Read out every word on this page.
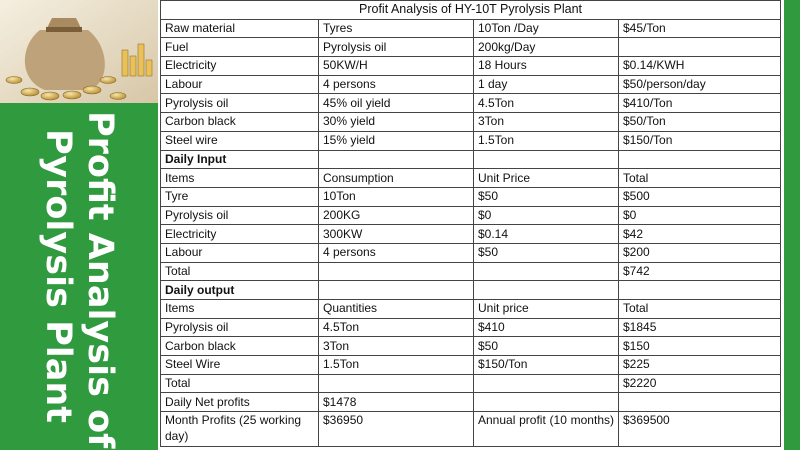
Profit Analysis of
Pyrolysis Plant
Profit Analysis of HY-10T Pyrolysis Plant			
Raw material	Tyres	10Ton /Day	$45/Ton
Fuel	Pyrolysis oil	200kg/Day	
Electricity	50KW/H	18 Hours	$0.14/KWH
Labour	4 persons	1 day	$50/person/day
Pyrolysis oil	45% oil yield	4.5Ton	$410/Ton
Carbon black	30% yield	3Ton	$50/Ton
Steel wire	15% yield	1.5Ton	$150/Ton
Daily Input			
Items	Consumption	Unit Price	Total
Tyre	10Ton	$50	$500
Pyrolysis oil	200KG	$0	$0
Electricity	300KW	$0.14	$42
Labour	4 persons	$50	$200
Total			$742
Daily output			
Items	Quantities	Unit price	Total
Pyrolysis oil	4.5Ton	$410	$1845
Carbon black	3Ton	$50	$150
Steel Wire	1.5Ton	$150/Ton	$225
Total			$2220
Daily Net profits	$1478		
Month Profits (25 working day)	$36950	Annual profit (10 months)	$369500
